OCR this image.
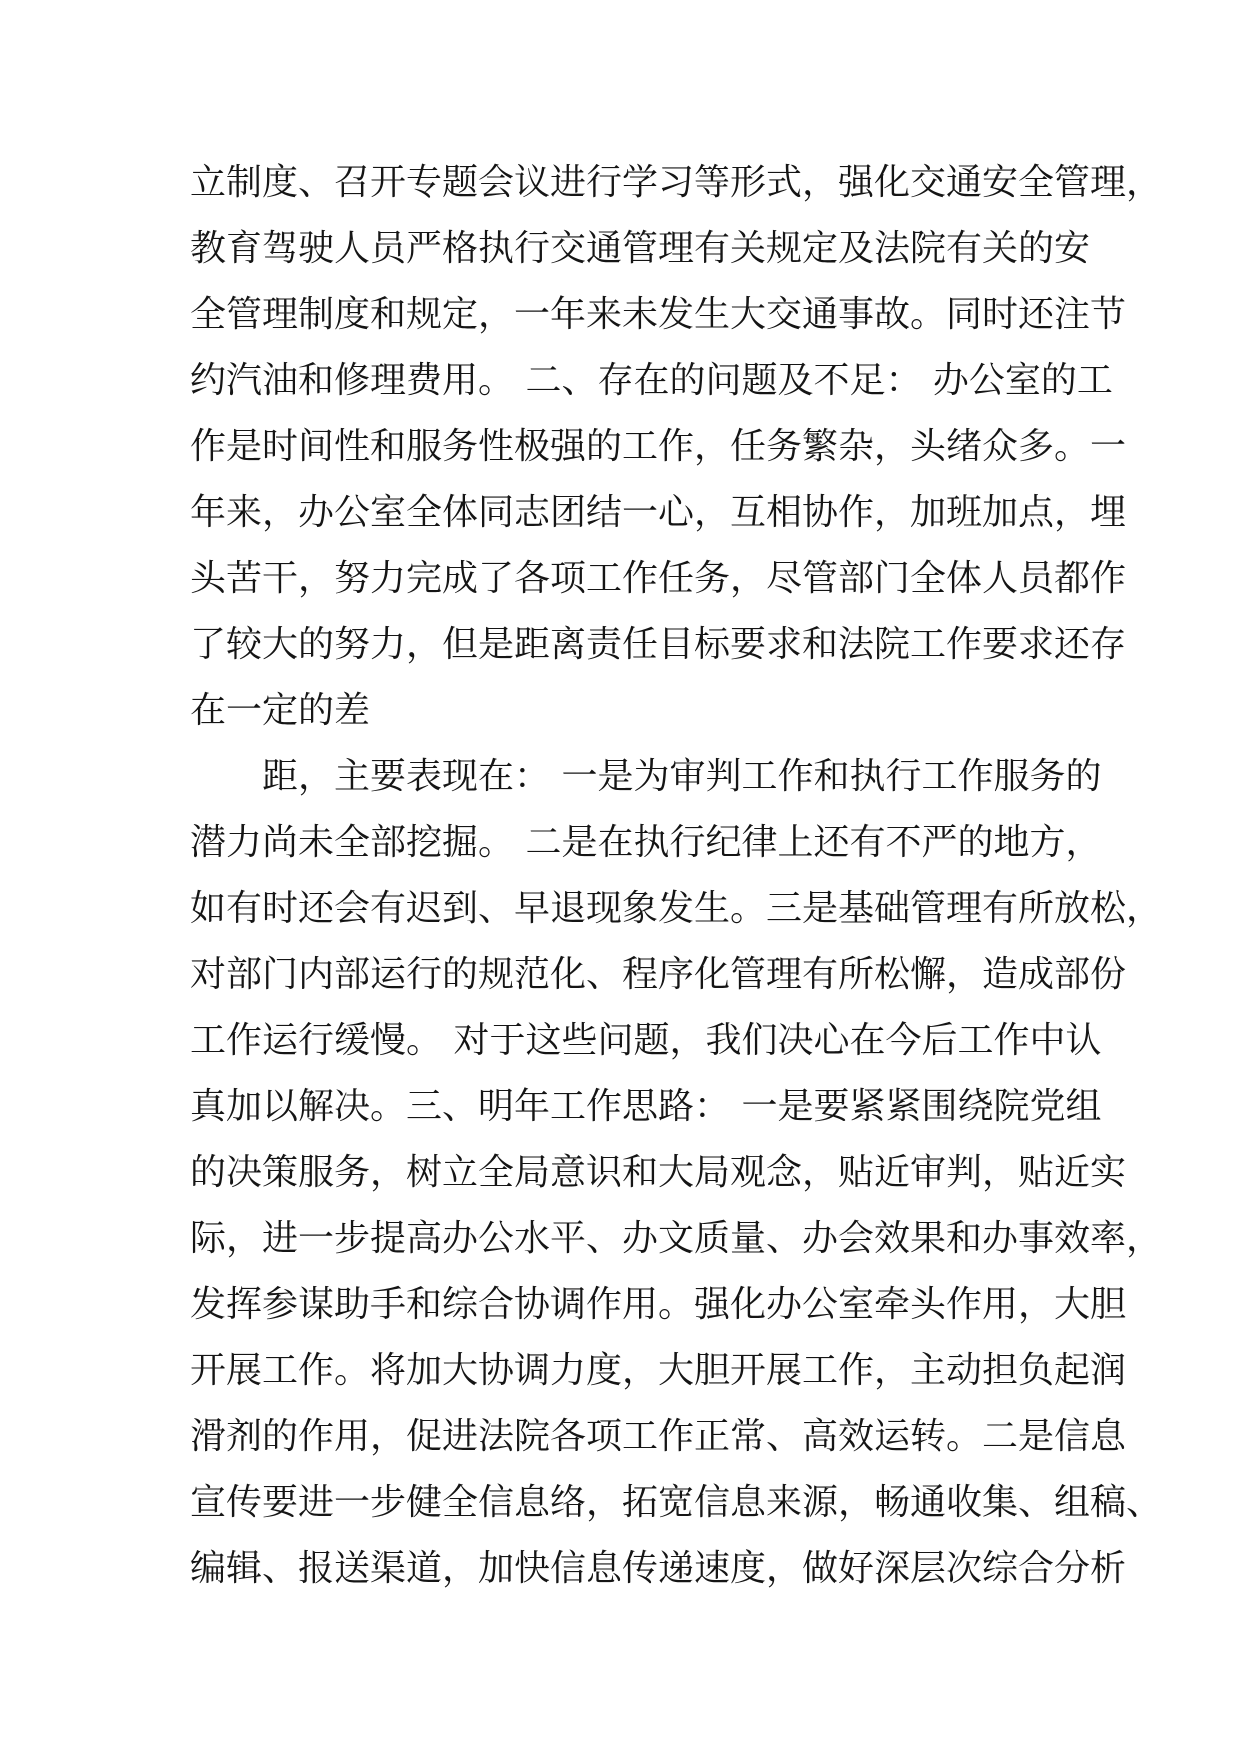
立制度、召开专题会议进行学习等形式，强化交通安全管理，
教育驾驶人员严格执行交通管理有关规定及法院有关的安
全管理制度和规定，一年来未发生大交通事故。同时还注节
约汽油和修理费用。 二、存在的问题及不足： 办公室的工
作是时间性和服务性极强的工作，任务繁杂，头绪众多。一
年来，办公室全体同志团结一心，互相协作，加班加点，埋
头苦干，努力完成了各项工作任务，尽管部门全体人员都作
了较大的努力，但是距离责任目标要求和法院工作要求还存
在一定的差
距，主要表现在： 一是为审判工作和执行工作服务的
潜力尚未全部挖掘。 二是在执行纪律上还有不严的地方，
如有时还会有迟到、早退现象发生。三是基础管理有所放松，
对部门内部运行的规范化、程序化管理有所松懈，造成部份
工作运行缓慢。 对于这些问题，我们决心在今后工作中认
真加以解决。三、明年工作思路： 一是要紧紧围绕院党组
的决策服务，树立全局意识和大局观念，贴近审判，贴近实
际，进一步提高办公水平、办文质量、办会效果和办事效率，
发挥参谋助手和综合协调作用。强化办公室牵头作用，大胆
开展工作。将加大协调力度，大胆开展工作，主动担负起润
滑剂的作用，促进法院各项工作正常、高效运转。二是信息
宣传要进一步健全信息络，拓宽信息来源，畅通收集、组稿、
编辑、报送渠道，加快信息传递速度，做好深层次综合分析
